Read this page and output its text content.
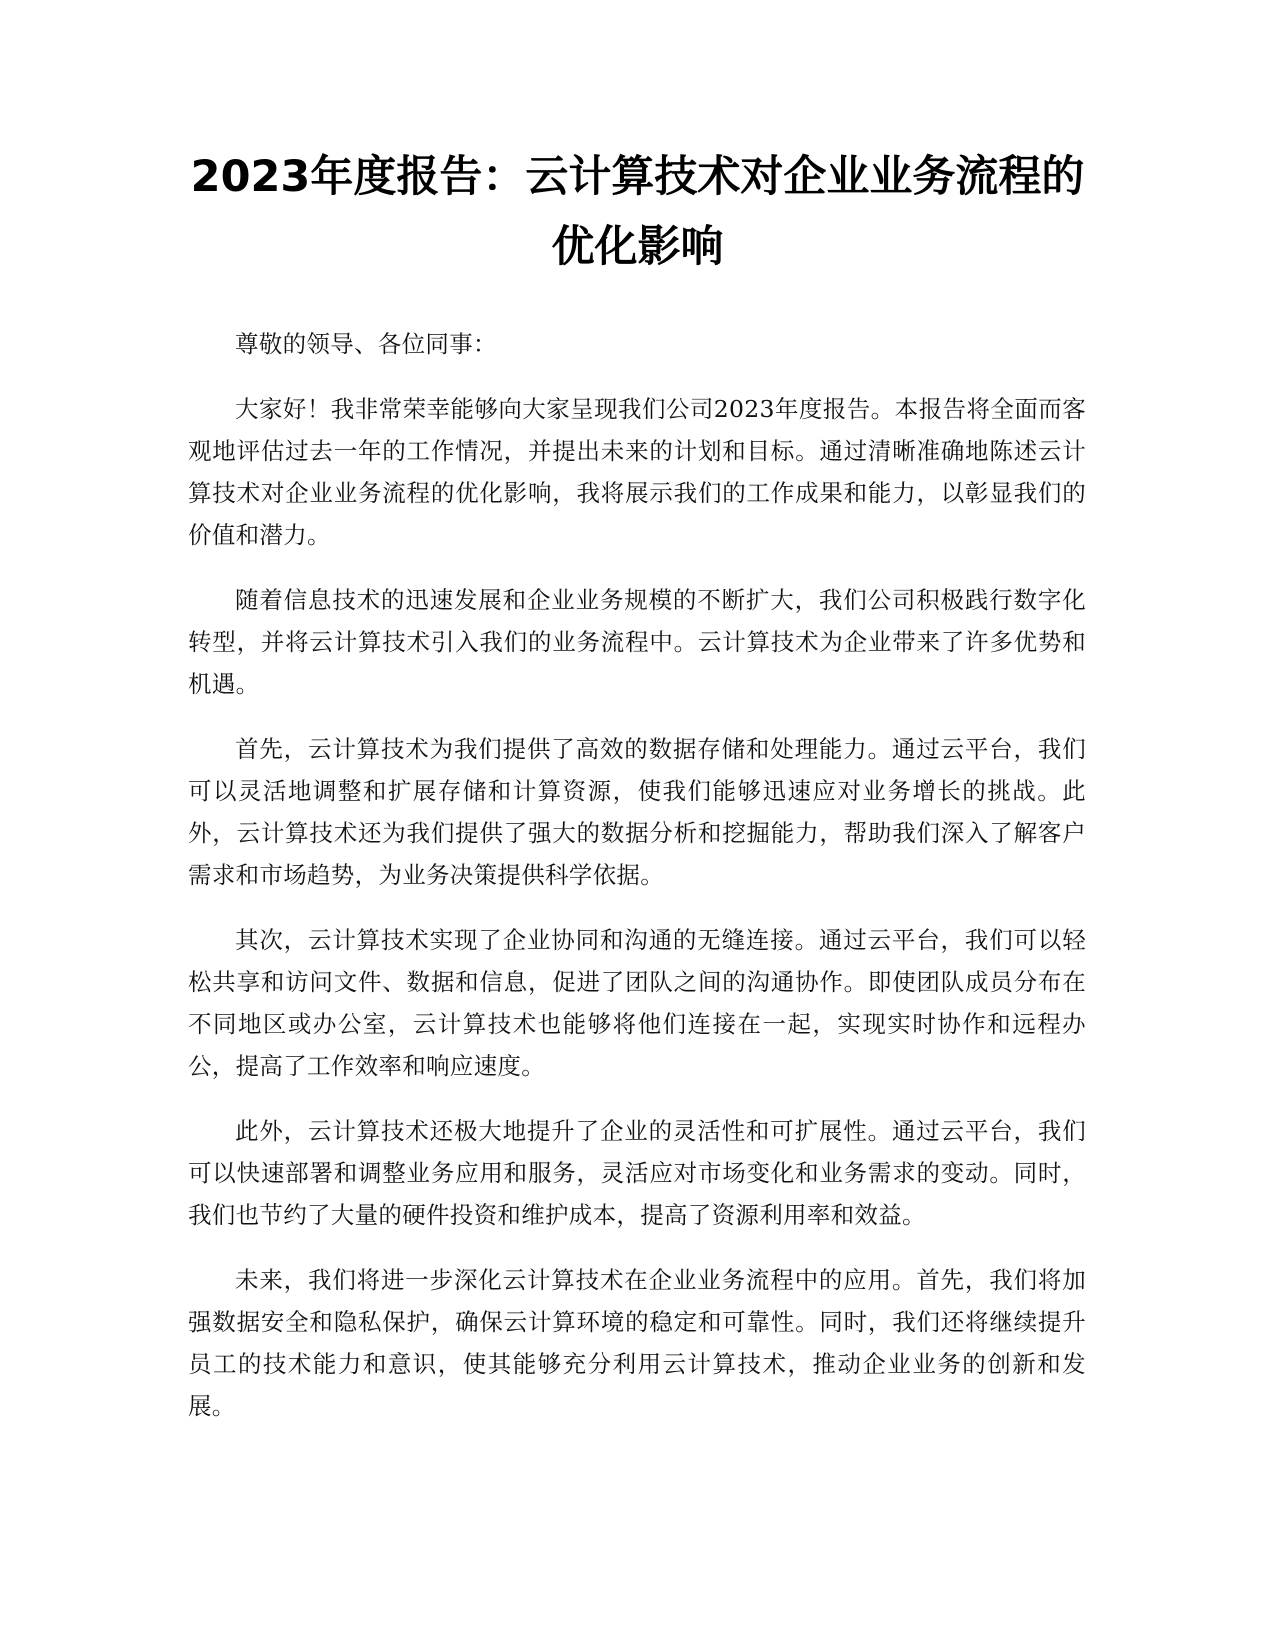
2023年度报告：云计算技术对企业业务流程的优化影响

尊敬的领导、各位同事：

大家好！我非常荣幸能够向大家呈现我们公司2023年度报告。本报告将全面而客观地评估过去一年的工作情况，并提出未来的计划和目标。通过清晰准确地陈述云计算技术对企业业务流程的优化影响，我将展示我们的工作成果和能力，以彰显我们的价值和潜力。

随着信息技术的迅速发展和企业业务规模的不断扩大，我们公司积极践行数字化转型，并将云计算技术引入我们的业务流程中。云计算技术为企业带来了许多优势和机遇。

首先，云计算技术为我们提供了高效的数据存储和处理能力。通过云平台，我们可以灵活地调整和扩展存储和计算资源，使我们能够迅速应对业务增长的挑战。此外，云计算技术还为我们提供了强大的数据分析和挖掘能力，帮助我们深入了解客户需求和市场趋势，为业务决策提供科学依据。

其次，云计算技术实现了企业协同和沟通的无缝连接。通过云平台，我们可以轻松共享和访问文件、数据和信息，促进了团队之间的沟通协作。即使团队成员分布在不同地区或办公室，云计算技术也能够将他们连接在一起，实现实时协作和远程办公，提高了工作效率和响应速度。

此外，云计算技术还极大地提升了企业的灵活性和可扩展性。通过云平台，我们可以快速部署和调整业务应用和服务，灵活应对市场变化和业务需求的变动。同时，我们也节约了大量的硬件投资和维护成本，提高了资源利用率和效益。

未来，我们将进一步深化云计算技术在企业业务流程中的应用。首先，我们将加强数据安全和隐私保护，确保云计算环境的稳定和可靠性。同时，我们还将继续提升员工的技术能力和意识，使其能够充分利用云计算技术，推动企业业务的创新和发展。
